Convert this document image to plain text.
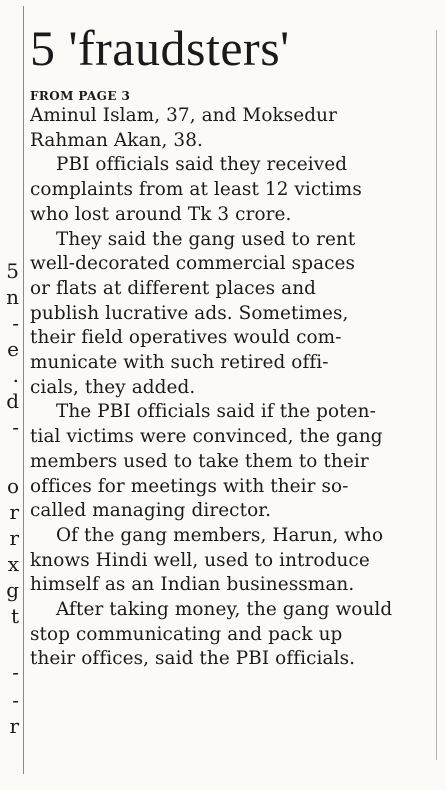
5
n
-
e
.
d
-
o
r
r
x
g
t
-
-
r
5 'fraudsters'
FROM PAGE 3
Aminul Islam, 37, and Moksedur
Rahman Akan, 38.
PBI officials said they received
complaints from at least 12 victims
who lost around Tk 3 crore.
They said the gang used to rent
well-decorated commercial spaces
or flats at different places and
publish lucrative ads. Sometimes,
their field operatives would com-
municate with such retired offi-
cials, they added.
The PBI officials said if the poten-
tial victims were convinced, the gang
members used to take them to their
offices for meetings with their so-
called managing director.
Of the gang members, Harun, who
knows Hindi well, used to introduce
himself as an Indian businessman.
After taking money, the gang would
stop communicating and pack up
their offices, said the PBI officials.
